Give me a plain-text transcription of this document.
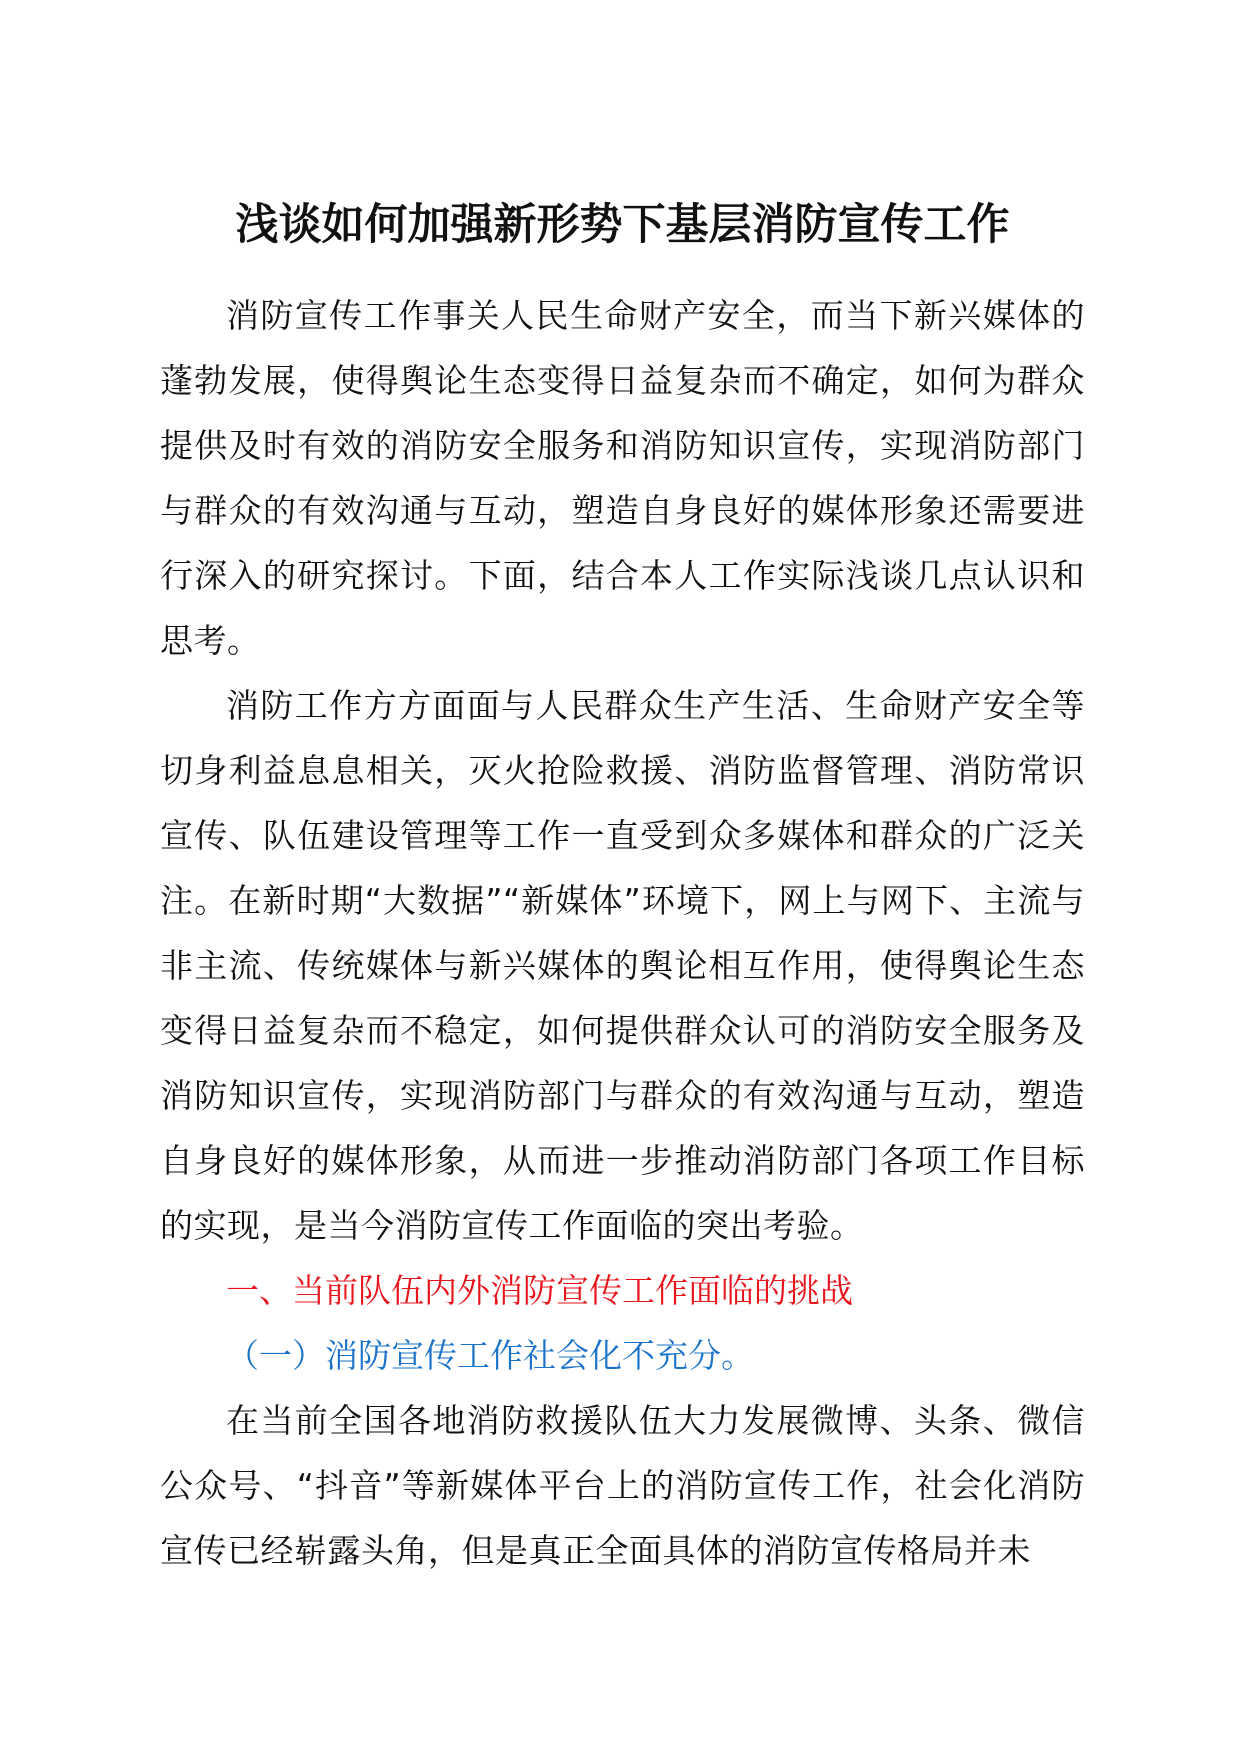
浅谈如何加强新形势下基层消防宣传工作

消防宣传工作事关人民生命财产安全，而当下新兴媒体的蓬勃发展，使得舆论生态变得日益复杂而不确定，如何为群众提供及时有效的消防安全服务和消防知识宣传，实现消防部门与群众的有效沟通与互动，塑造自身良好的媒体形象还需要进行深入的研究探讨。下面，结合本人工作实际浅谈几点认识和思考。

消防工作方方面面与人民群众生产生活、生命财产安全等切身利益息息相关，灭火抢险救援、消防监督管理、消防常识宣传、队伍建设管理等工作一直受到众多媒体和群众的广泛关注。在新时期“大数据”“新媒体”环境下，网上与网下、主流与非主流、传统媒体与新兴媒体的舆论相互作用，使得舆论生态变得日益复杂而不稳定，如何提供群众认可的消防安全服务及消防知识宣传，实现消防部门与群众的有效沟通与互动，塑造自身良好的媒体形象，从而进一步推动消防部门各项工作目标的实现，是当今消防宣传工作面临的突出考验。

一、当前队伍内外消防宣传工作面临的挑战

（一）消防宣传工作社会化不充分。

在当前全国各地消防救援队伍大力发展微博、头条、微信公众号、“抖音”等新媒体平台上的消防宣传工作，社会化消防宣传已经崭露头角，但是真正全面具体的消防宣传格局并未
